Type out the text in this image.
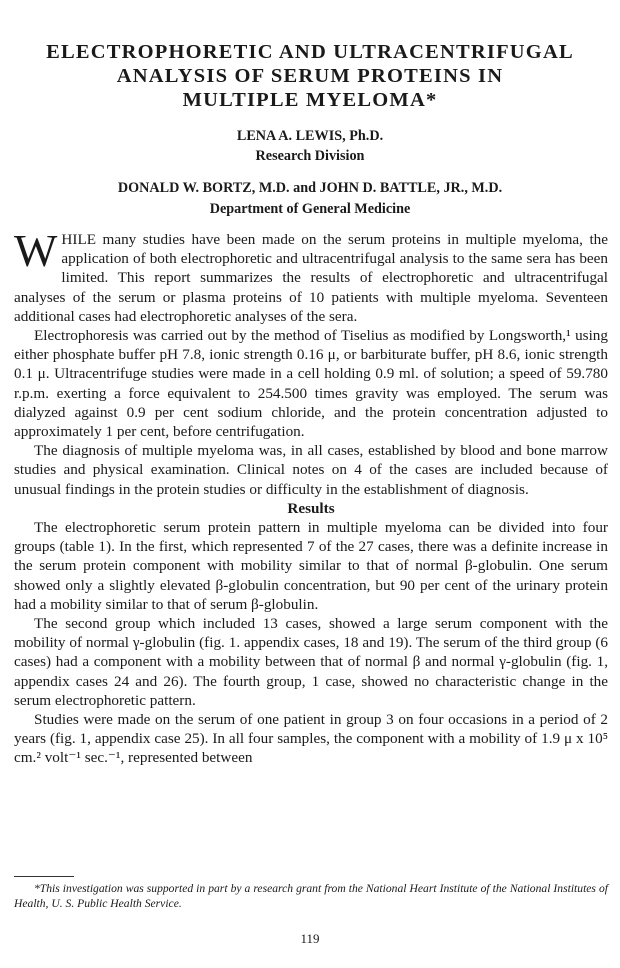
ELECTROPHORETIC AND ULTRACENTRIFUGAL
ANALYSIS OF SERUM PROTEINS IN
MULTIPLE MYELOMA*

LENA A. LEWIS, Ph.D.

Research Division

DONALD W. BORTZ, M.D. and JOHN D. BATTLE, JR., M.D.

Department of General Medicine

WHILE many studies have been made on the serum proteins in multiple myeloma, the application of both electrophoretic and ultracentrifugal analysis to the same sera has been limited. This report summarizes the results of electrophoretic and ultracentrifugal analyses of the serum or plasma proteins of 10 patients with multiple myeloma. Seventeen additional cases had electrophoretic analyses of the sera.

Electrophoresis was carried out by the method of Tiselius as modified by Longsworth,¹ using either phosphate buffer pH 7.8, ionic strength 0.16 μ, or barbiturate buffer, pH 8.6, ionic strength 0.1 μ. Ultracentrifuge studies were made in a cell holding 0.9 ml. of solution; a speed of 59.780 r.p.m. exerting a force equivalent to 254.500 times gravity was employed. The serum was dialyzed against 0.9 per cent sodium chloride, and the protein concentration adjusted to approximately 1 per cent, before centrifugation.

The diagnosis of multiple myeloma was, in all cases, established by blood and bone marrow studies and physical examination. Clinical notes on 4 of the cases are included because of unusual findings in the protein studies or difficulty in the establishment of diagnosis.

Results

The electrophoretic serum protein pattern in multiple myeloma can be divided into four groups (table 1). In the first, which represented 7 of the 27 cases, there was a definite increase in the serum protein component with mobility similar to that of normal β-globulin. One serum showed only a slightly elevated β-globulin concentration, but 90 per cent of the urinary protein had a mobility similar to that of serum β-globulin.

The second group which included 13 cases, showed a large serum component with the mobility of normal γ-globulin (fig. 1. appendix cases, 18 and 19). The serum of the third group (6 cases) had a component with a mobility between that of normal β and normal γ-globulin (fig. 1, appendix cases 24 and 26). The fourth group, 1 case, showed no characteristic change in the serum electrophoretic pattern.

Studies were made on the serum of one patient in group 3 on four occasions in a period of 2 years (fig. 1, appendix case 25). In all four samples, the component with a mobility of 1.9 μ x 10⁵ cm.² volt⁻¹ sec.⁻¹, represented between

*This investigation was supported in part by a research grant from the National Heart Institute of the National Institutes of Health, U. S. Public Health Service.

119
